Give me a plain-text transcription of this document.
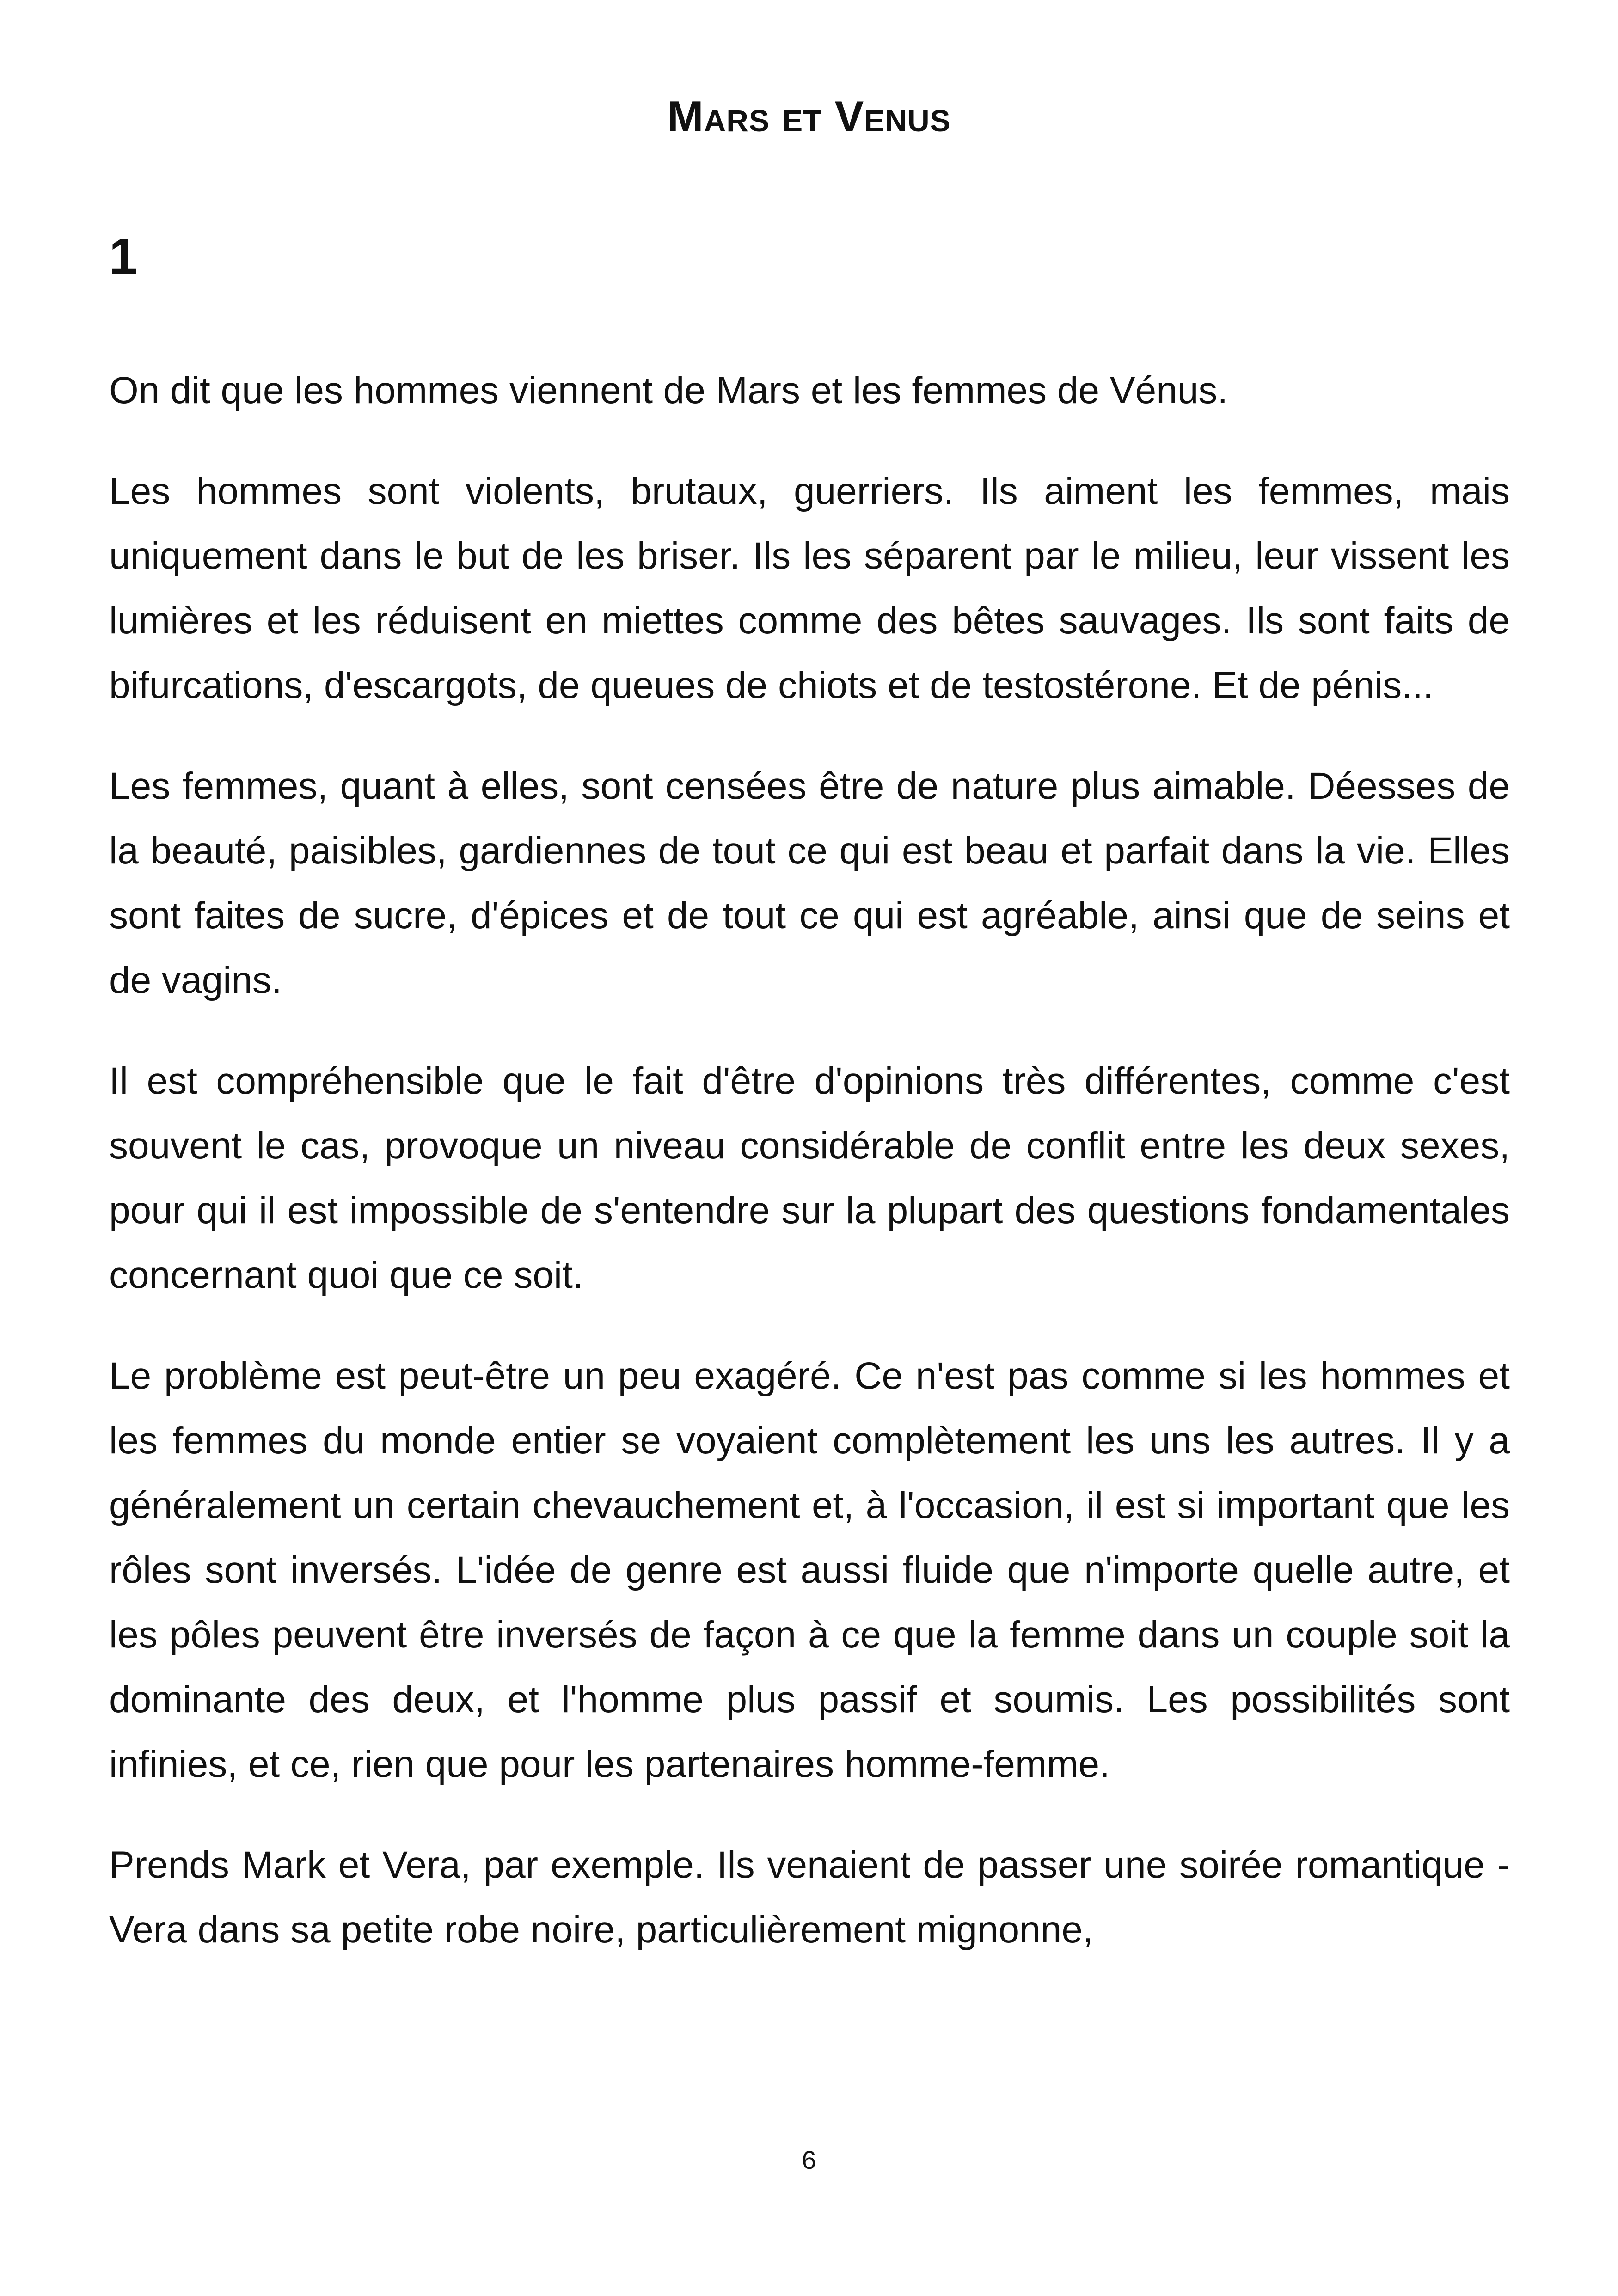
Mars et Venus
1

On dit que les hommes viennent de Mars et les femmes de Vénus.

Les hommes sont violents, brutaux, guerriers. Ils aiment les femmes, mais uniquement dans le but de les briser. Ils les séparent par le milieu, leur vissent les lumières et les réduisent en miettes comme des bêtes sauvages. Ils sont faits de bifurcations, d'escargots, de queues de chiots et de testostérone. Et de pénis...

Les femmes, quant à elles, sont censées être de nature plus aimable. Déesses de la beauté, paisibles, gardiennes de tout ce qui est beau et parfait dans la vie. Elles sont faites de sucre, d'épices et de tout ce qui est agréable, ainsi que de seins et de vagins.

Il est compréhensible que le fait d'être d'opinions très différentes, comme c'est souvent le cas, provoque un niveau considérable de conflit entre les deux sexes, pour qui il est impossible de s'entendre sur la plupart des questions fondamentales concernant quoi que ce soit.

Le problème est peut-être un peu exagéré. Ce n'est pas comme si les hommes et les femmes du monde entier se voyaient complètement les uns les autres. Il y a généralement un certain chevauchement et, à l'occasion, il est si important que les rôles sont inversés. L'idée de genre est aussi fluide que n'importe quelle autre, et les pôles peuvent être inversés de façon à ce que la femme dans un couple soit la dominante des deux, et l'homme plus passif et soumis. Les possibilités sont infinies, et ce, rien que pour les partenaires homme-femme.

Prends Mark et Vera, par exemple. Ils venaient de passer une soirée romantique - Vera dans sa petite robe noire, particulièrement mignonne,

6
